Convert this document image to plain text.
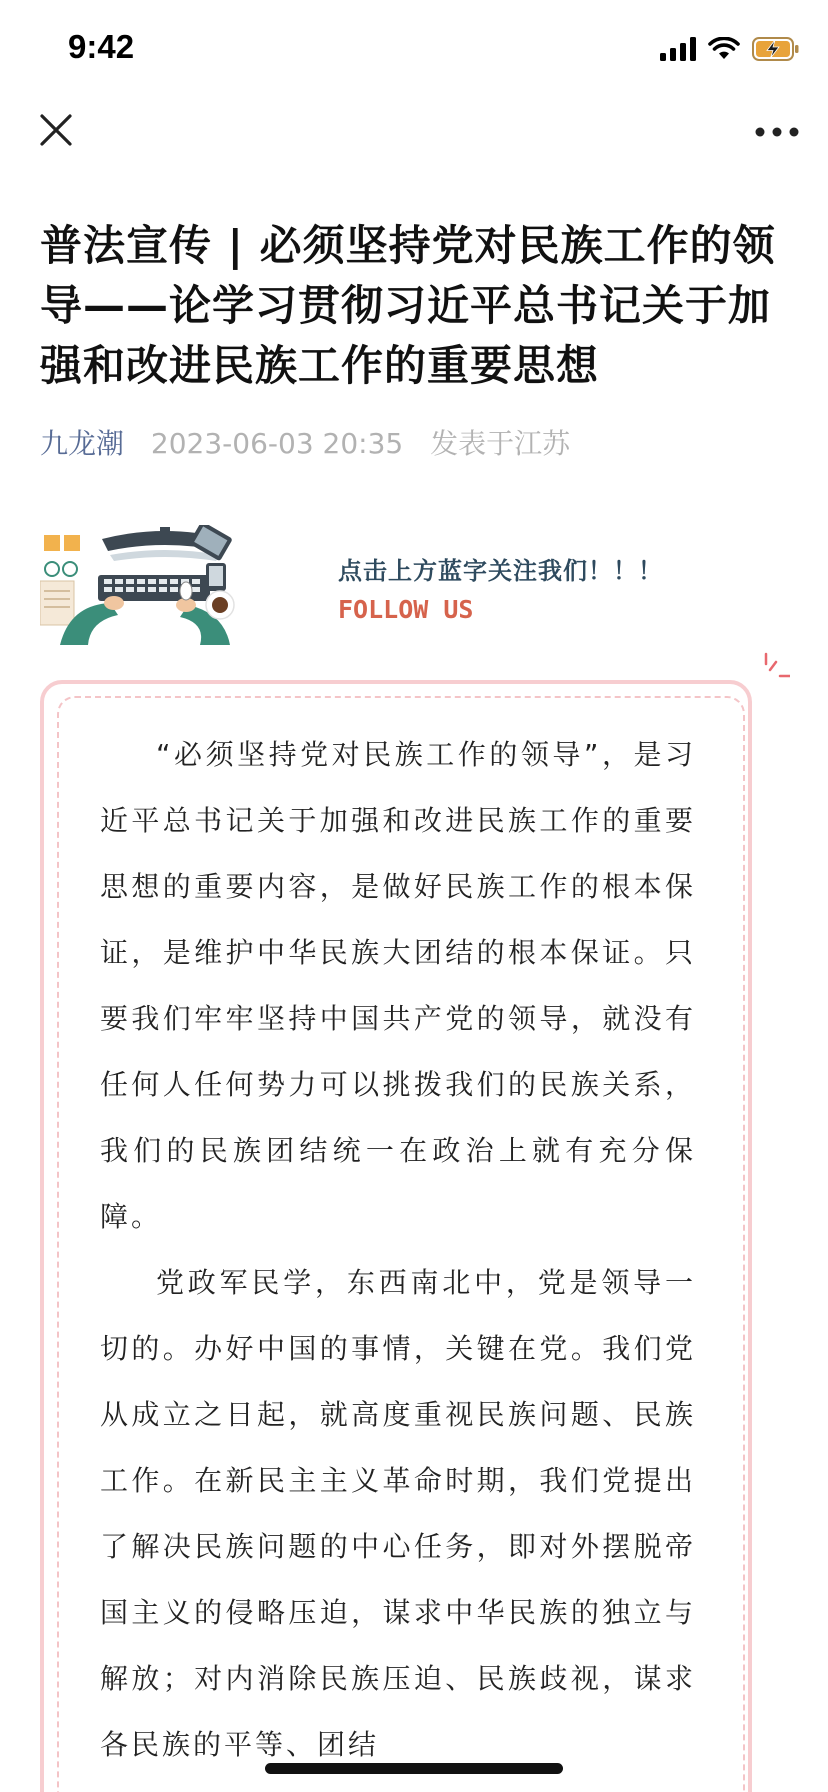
9:42
普法宣传 | 必须坚持党对民族工作的领导——论学习贯彻习近平总书记关于加强和改进民族工作的重要思想
九龙潮 2023-06-03 20:35 发表于江苏
点击上方蓝字关注我们！！！
FOLLOW US

“必须坚持党对民族工作的领导”，是习近平总书记关于加强和改进民族工作的重要思想的重要内容，是做好民族工作的根本保证，是维护中华民族大团结的根本保证。只要我们牢牢坚持中国共产党的领导，就没有任何人任何势力可以挑拨我们的民族关系，我们的民族团结统一在政治上就有充分保障。

党政军民学，东西南北中，党是领导一切的。办好中国的事情，关键在党。我们党从成立之日起，就高度重视民族问题、民族工作。在新民主主义革命时期，我们党提出了解决民族问题的中心任务，即对外摆脱帝国主义的侵略压迫，谋求中华民族的独立与解放；对内消除民族压迫、民族歧视，谋求各民族的平等、团结
